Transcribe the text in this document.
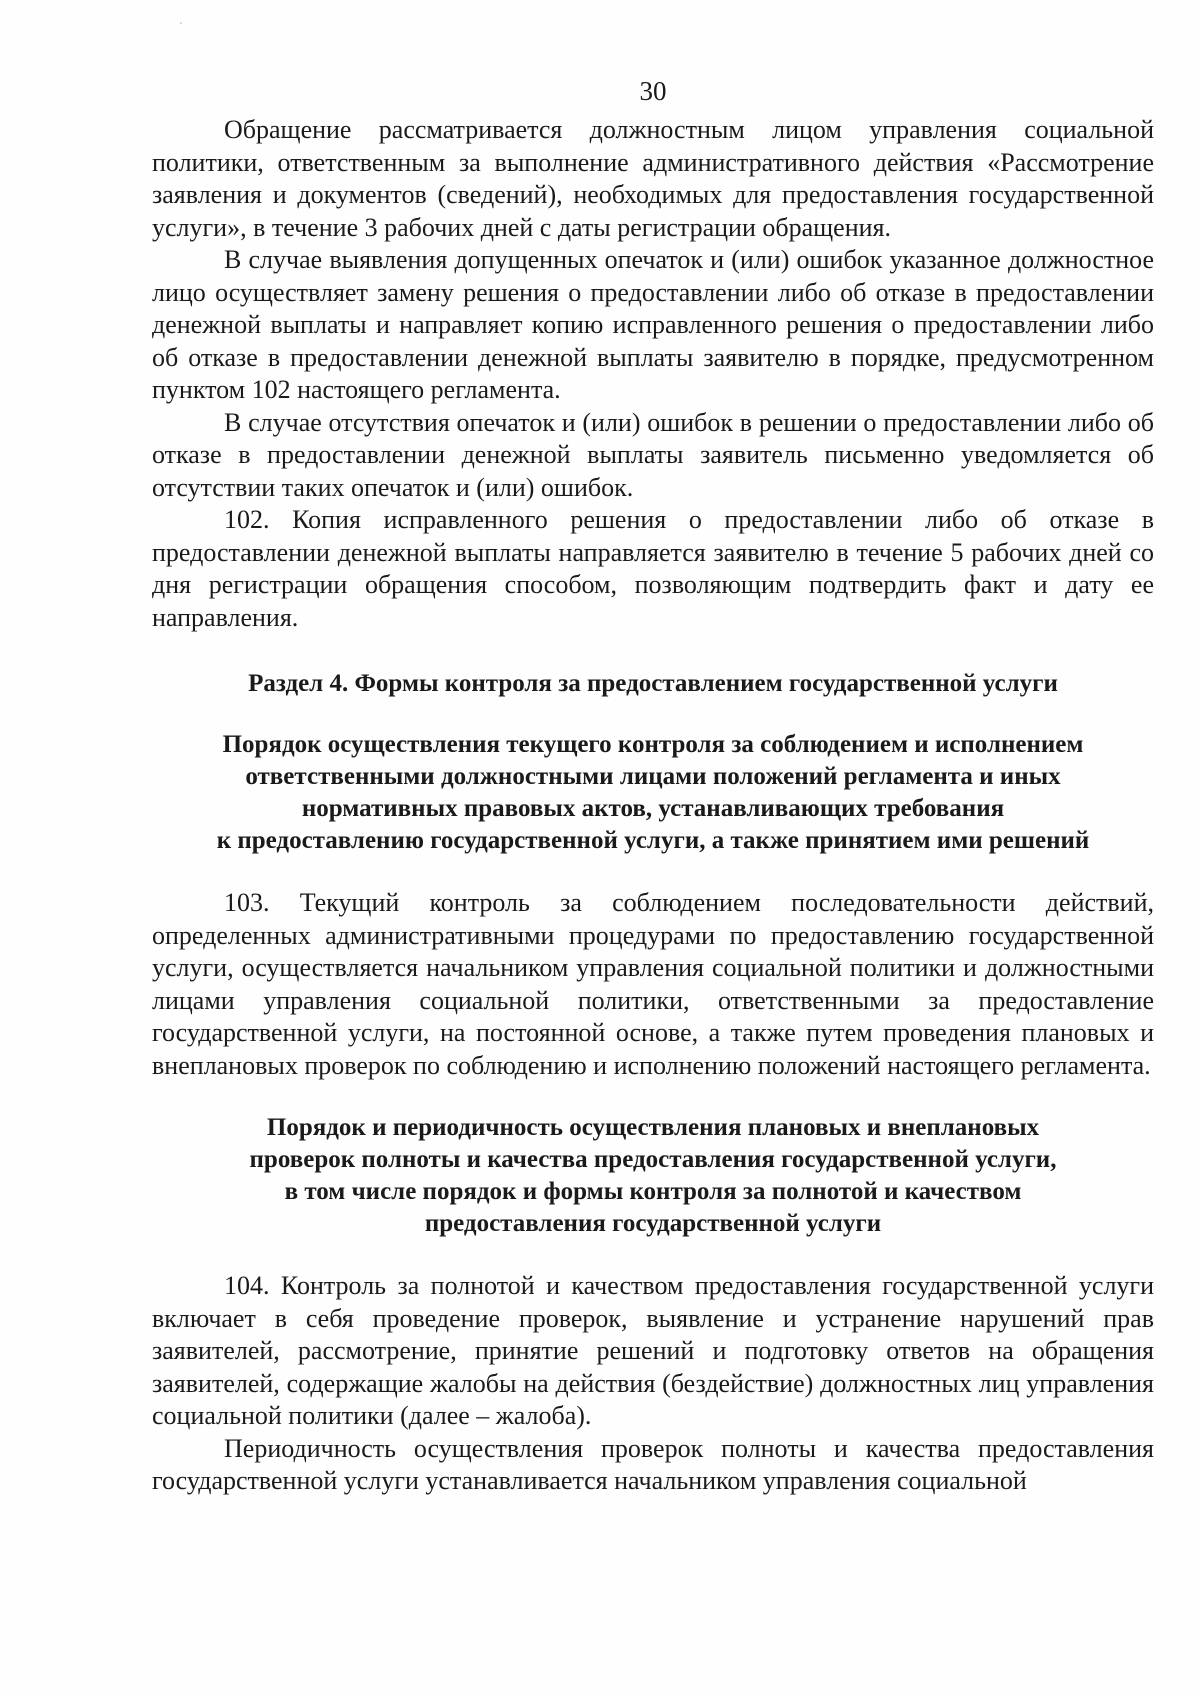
30

Обращение рассматривается должностным лицом управления социальной политики, ответственным за выполнение административного действия «Рассмотрение заявления и документов (сведений), необходимых для предоставления государственной услуги», в течение 3 рабочих дней с даты регистрации обращения.

В случае выявления допущенных опечаток и (или) ошибок указанное должностное лицо осуществляет замену решения о предоставлении либо об отказе в предоставлении денежной выплаты и направляет копию исправленного решения о предоставлении либо об отказе в предоставлении денежной выплаты заявителю в порядке, предусмотренном пунктом 102 настоящего регламента.

В случае отсутствия опечаток и (или) ошибок в решении о предоставлении либо об отказе в предоставлении денежной выплаты заявитель письменно уведомляется об отсутствии таких опечаток и (или) ошибок.

102. Копия исправленного решения о предоставлении либо об отказе в предоставлении денежной выплаты направляется заявителю в течение 5 рабочих дней со дня регистрации обращения способом, позволяющим подтвердить факт и дату ее направления.

Раздел 4. Формы контроля за предоставлением государственной услуги
Порядок осуществления текущего контроля за соблюдением и исполнением
ответственными должностными лицами положений регламента и иных
нормативных правовых актов, устанавливающих требования
к предоставлению государственной услуги, а также принятием ими решений

103. Текущий контроль за соблюдением последовательности действий, определенных административными процедурами по предоставлению государственной услуги, осуществляется начальником управления социальной политики и должностными лицами управления социальной политики, ответственными за предоставление государственной услуги, на постоянной основе, а также путем проведения плановых и внеплановых проверок по соблюдению и исполнению положений настоящего регламента.

Порядок и периодичность осуществления плановых и внеплановых
проверок полноты и качества предоставления государственной услуги,
в том числе порядок и формы контроля за полнотой и качеством
предоставления государственной услуги

104. Контроль за полнотой и качеством предоставления государственной услуги включает в себя проведение проверок, выявление и устранение нарушений прав заявителей, рассмотрение, принятие решений и подготовку ответов на обращения заявителей, содержащие жалобы на действия (бездействие) должностных лиц управления социальной политики (далее – жалоба).

Периодичность осуществления проверок полноты и качества предоставления государственной услуги устанавливается начальником управления социальной
